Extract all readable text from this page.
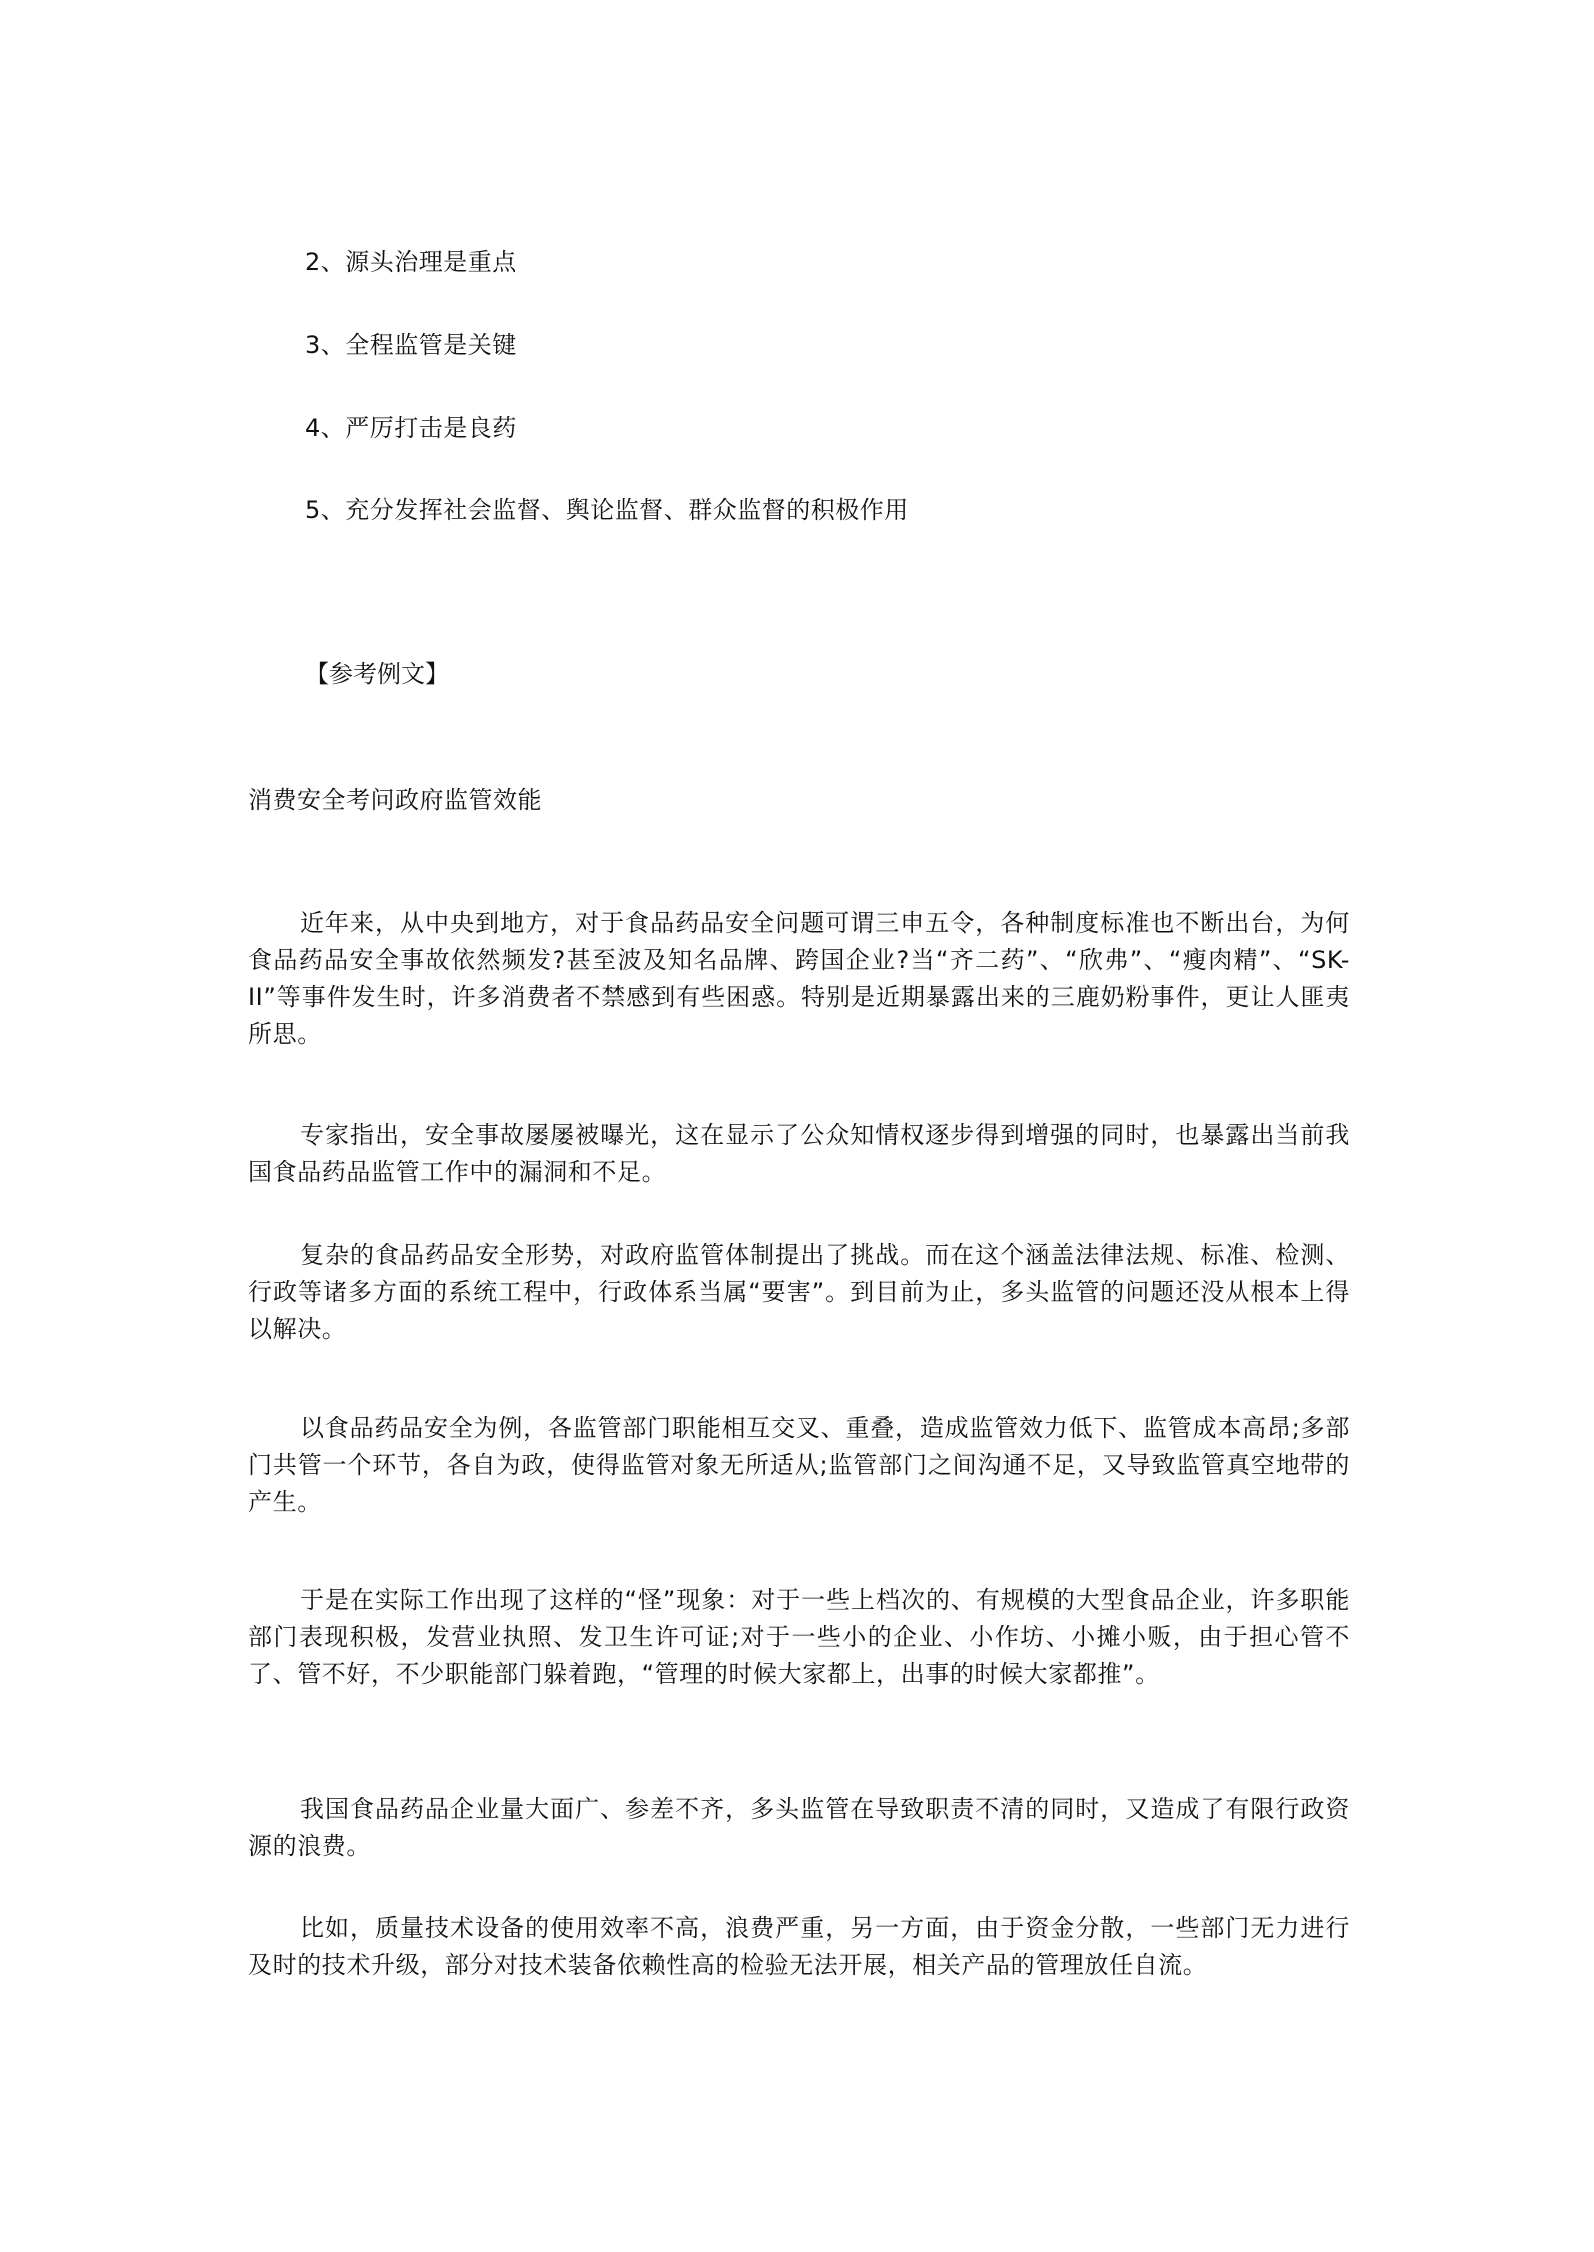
2、源头治理是重点
3、全程监管是关键
4、严厉打击是良药
5、充分发挥社会监督、舆论监督、群众监督的积极作用
【参考例文】
消费安全考问政府监管效能

近年来，从中央到地方，对于食品药品安全问题可谓三申五令，各种制度标准也不断出台，为何食品药品安全事故依然频发?甚至波及知名品牌、跨国企业?当“齐二药”、“欣弗”、“瘦肉精”、“SK-II”等事件发生时，许多消费者不禁感到有些困惑。特别是近期暴露出来的三鹿奶粉事件，更让人匪夷所思。

专家指出，安全事故屡屡被曝光，这在显示了公众知情权逐步得到增强的同时，也暴露出当前我国食品药品监管工作中的漏洞和不足。

复杂的食品药品安全形势，对政府监管体制提出了挑战。而在这个涵盖法律法规、标准、检测、行政等诸多方面的系统工程中，行政体系当属“要害”。到目前为止，多头监管的问题还没从根本上得以解决。

以食品药品安全为例，各监管部门职能相互交叉、重叠，造成监管效力低下、监管成本高昂;多部门共管一个环节，各自为政，使得监管对象无所适从;监管部门之间沟通不足，又导致监管真空地带的产生。

于是在实际工作出现了这样的“怪”现象：对于一些上档次的、有规模的大型食品企业，许多职能部门表现积极，发营业执照、发卫生许可证;对于一些小的企业、小作坊、小摊小贩，由于担心管不了、管不好，不少职能部门躲着跑，“管理的时候大家都上，出事的时候大家都推”。

我国食品药品企业量大面广、参差不齐，多头监管在导致职责不清的同时，又造成了有限行政资源的浪费。

比如，质量技术设备的使用效率不高，浪费严重，另一方面，由于资金分散，一些部门无力进行及时的技术升级，部分对技术装备依赖性高的检验无法开展，相关产品的管理放任自流。
